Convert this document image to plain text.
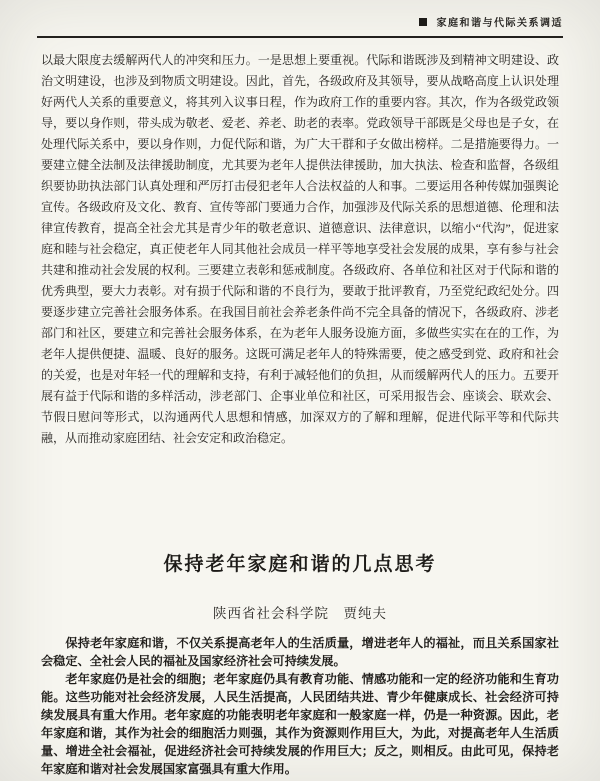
家庭和谐与代际关系调适
以最大限度去缓解两代人的冲突和压力。一是思想上要重视。代际和谐既涉及到精神文明建设、政治文明建设，也涉及到物质文明建设。因此，首先，各级政府及其领导，要从战略高度上认识处理好两代人关系的重要意义，将其列入议事日程，作为政府工作的重要内容。其次，作为各级党政领导，要以身作则，带头成为敬老、爱老、养老、助老的表率。党政领导干部既是父母也是子女，在处理代际关系中，要以身作则，力促代际和谐，为广大干群和子女做出榜样。二是措施要得力。一要建立健全法制及法律援助制度，尤其要为老年人提供法律援助，加大执法、检查和监督，各级组织要协助执法部门认真处理和严厉打击侵犯老年人合法权益的人和事。二要运用各种传媒加强舆论宣传。各级政府及文化、教育、宣传等部门要通力合作，加强涉及代际关系的思想道德、伦理和法律宣传教育，提高全社会尤其是青少年的敬老意识、道德意识、法律意识，以缩小“代沟”，促进家庭和睦与社会稳定，真正使老年人同其他社会成员一样平等地享受社会发展的成果，享有参与社会共建和推动社会发展的权利。三要建立表彰和惩戒制度。各级政府、各单位和社区对于代际和谐的优秀典型，要大力表彰。对有损于代际和谐的不良行为，要敢于批评教育，乃至党纪政纪处分。四要逐步建立完善社会服务体系。在我国目前社会养老条件尚不完全具备的情况下，各级政府、涉老部门和社区，要建立和完善社会服务体系，在为老年人服务设施方面，多做些实实在在的工作，为老年人提供便捷、温暖、良好的服务。这既可满足老年人的特殊需要，使之感受到党、政府和社会的关爱，也是对年轻一代的理解和支持，有利于减轻他们的负担，从而缓解两代人的压力。五要开展有益于代际和谐的多样活动，涉老部门、企事业单位和社区，可采用报告会、座谈会、联欢会、节假日慰问等形式，以沟通两代人思想和情感，加深双方的了解和理解，促进代际平等和代际共融，从而推动家庭团结、社会安定和政治稳定。
保持老年家庭和谐的几点思考
陕西省社会科学院　贾纯夫

保持老年家庭和谐，不仅关系提高老年人的生活质量，增进老年人的福祉，而且关系国家社会稳定、全社会人民的福祉及国家经济社会可持续发展。

老年家庭仍是社会的细胞；老年家庭仍具有教育功能、情感功能和一定的经济功能和生育功能。这些功能对社会经济发展，人民生活提高，人民团结共进、青少年健康成长、社会经济可持续发展具有重大作用。老年家庭的功能表明老年家庭和一般家庭一样，仍是一种资源。因此，老年家庭和谐，其作为社会的细胞活力则强，其作为资源则作用巨大，为此，对提高老年人生活质量、增进全社会福祉，促进经济社会可持续发展的作用巨大；反之，则相反。由此可见，保持老年家庭和谐对社会发展国家富强具有重大作用。
